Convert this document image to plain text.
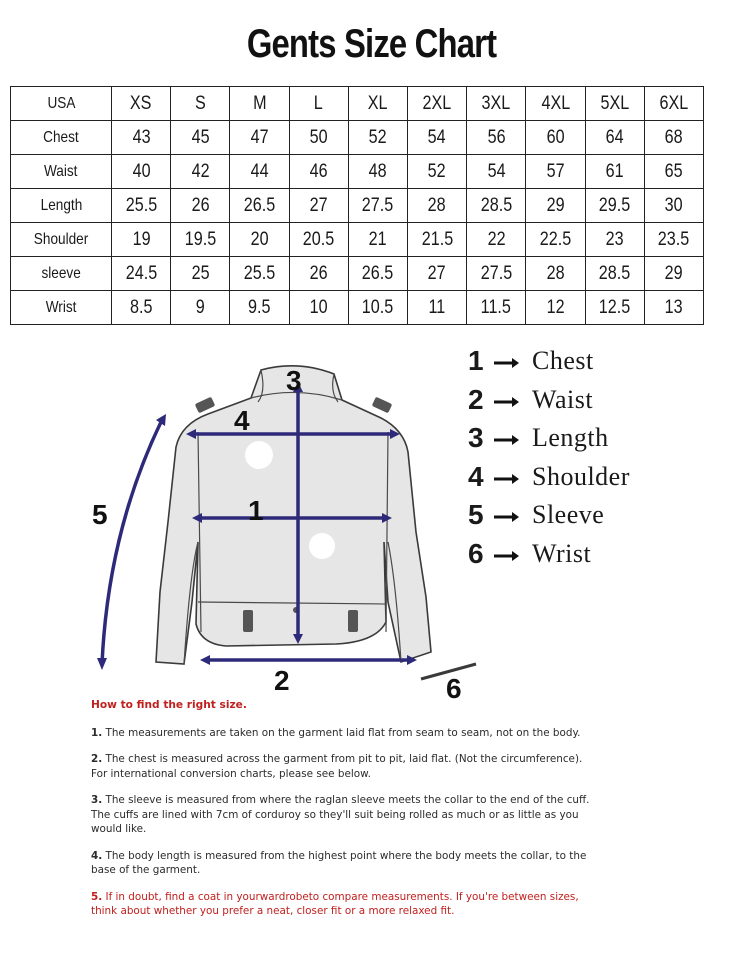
Gents Size Chart
USA	XS	S	M	L	XL	2XL	3XL	4XL	5XL	6XL
Chest	43	45	47	50	52	54	56	60	64	68
Waist	40	42	44	46	48	52	54	57	61	65
Length	25.5	26	26.5	27	27.5	28	28.5	29	29.5	30
Shoulder	19	19.5	20	20.5	21	21.5	22	22.5	23	23.5
sleeve	24.5	25	25.5	26	26.5	27	27.5	28	28.5	29
Wrist	8.5	9	9.5	10	10.5	11	11.5	12	12.5	13
3
4
1
5
2	6
1	Chest
2	Waist
3	Length
4	Shoulder
5	Sleeve
6	Wrist
How to find the right size.

1. The measurements are taken on the garment laid flat from seam to seam, not on the body.

2. The chest is measured across the garment from pit to pit, laid flat. (Not the circumference). For international conversion charts, please see below.

3. The sleeve is measured from where the raglan sleeve meets the collar to the end of the cuff. The cuffs are lined with 7cm of corduroy so they'll suit being rolled as much or as little as you would like.

4. The body length is measured from the highest point where the body meets the collar, to the base of the garment.

5. If in doubt, find a coat in yourwardrobeto compare measurements. If you're between sizes, think about whether you prefer a neat, closer fit or a more relaxed fit.
